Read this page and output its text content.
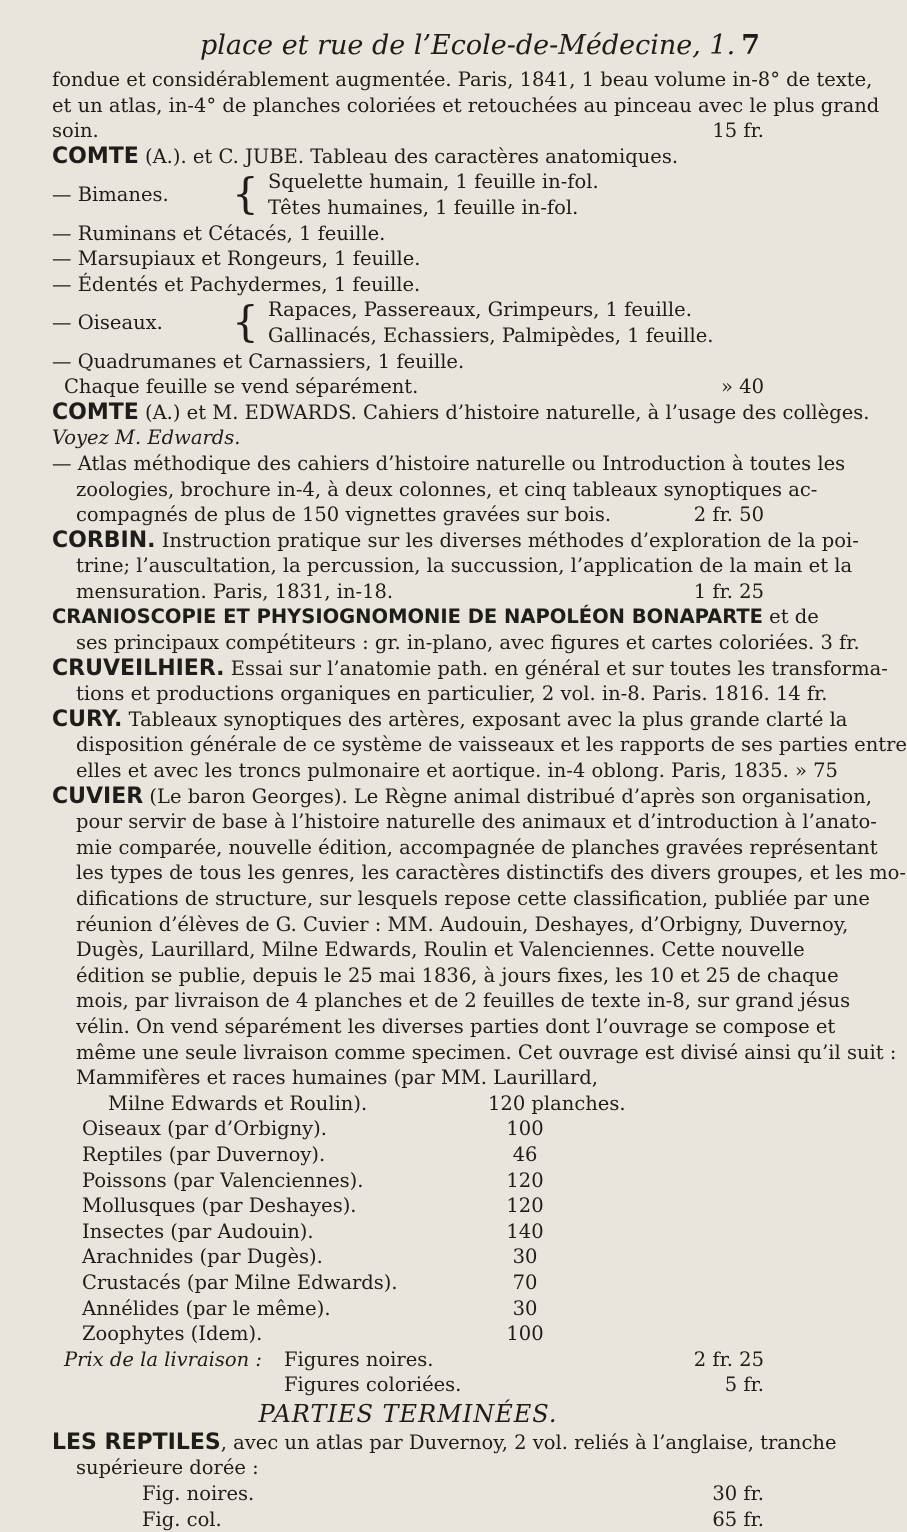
place et rue de l’Ecole-de-Médecine, 1. 7
fondue et considérablement augmentée. Paris, 1841, 1 beau volume in-8° de texte,
et un atlas, in-4° de planches coloriées et retouchées au pinceau avec le plus grand
soin.	15 fr.
COMTE (A.). et C. JUBE. Tableau des caractères anatomiques.
— Bimanes. { Squelette humain, 1 feuille in-fol.
Têtes humaines, 1 feuille in-fol.
— Ruminans et Cétacés, 1 feuille.
— Marsupiaux et Rongeurs, 1 feuille.
— Édentés et Pachydermes, 1 feuille.
— Oiseaux. { Rapaces, Passereaux, Grimpeurs, 1 feuille.
Gallinacés, Echassiers, Palmipèdes, 1 feuille.
— Quadrumanes et Carnassiers, 1 feuille.
Chaque feuille se vend séparément.	» 40
COMTE (A.) et M. EDWARDS. Cahiers d’histoire naturelle, à l’usage des collèges.
Voyez M. Edwards.
— Atlas méthodique des cahiers d’histoire naturelle ou Introduction à toutes les
zoologies, brochure in-4, à deux colonnes, et cinq tableaux synoptiques ac-
compagnés de plus de 150 vignettes gravées sur bois.	2 fr. 50
CORBIN. Instruction pratique sur les diverses méthodes d’exploration de la poi-
trine; l’auscultation, la percussion, la succussion, l’application de la main et la
mensuration. Paris, 1831, in-18.	1 fr. 25
CRANIOSCOPIE ET PHYSIOGNOMONIE DE NAPOLÉON BONAPARTE et de
ses principaux compétiteurs : gr. in-plano, avec figures et cartes coloriées. 3 fr.
CRUVEILHIER. Essai sur l’anatomie path. en général et sur toutes les transforma-
tions et productions organiques en particulier, 2 vol. in-8. Paris. 1816. 14 fr.
CURY. Tableaux synoptiques des artères, exposant avec la plus grande clarté la
disposition générale de ce système de vaisseaux et les rapports de ses parties entre
elles et avec les troncs pulmonaire et aortique. in-4 oblong. Paris, 1835. » 75
CUVIER (Le baron Georges). Le Règne animal distribué d’après son organisation,
pour servir de base à l’histoire naturelle des animaux et d’introduction à l’anato-
mie comparée, nouvelle édition, accompagnée de planches gravées représentant
les types de tous les genres, les caractères distinctifs des divers groupes, et les mo-
difications de structure, sur lesquels repose cette classification, publiée par une
réunion d’élèves de G. Cuvier : MM. Audouin, Deshayes, d’Orbigny, Duvernoy,
Dugès, Laurillard, Milne Edwards, Roulin et Valenciennes. Cette nouvelle
édition se publie, depuis le 25 mai 1836, à jours fixes, les 10 et 25 de chaque
mois, par livraison de 4 planches et de 2 feuilles de texte in-8, sur grand jésus
vélin. On vend séparément les diverses parties dont l’ouvrage se compose et
même une seule livraison comme specimen. Cet ouvrage est divisé ainsi qu’il suit :
Mammifères et races humaines (par MM. Laurillard,
Milne Edwards et Roulin).	120 planches.
Oiseaux (par d’Orbigny).	100
Reptiles (par Duvernoy).	46
Poissons (par Valenciennes).	120
Mollusques (par Deshayes).	120
Insectes (par Audouin).	140
Arachnides (par Dugès).	30
Crustacés (par Milne Edwards).	70
Annélides (par le même).	30
Zoophytes (Idem).	100
Prix de la livraison : Figures noires.	2 fr. 25
Figures coloriées.	5 fr.
PARTIES TERMINÉES.
LES REPTILES, avec un atlas par Duvernoy, 2 vol. reliés à l’anglaise, tranche
supérieure dorée :
Fig. noires.	30 fr.
Fig. col.	65 fr.
